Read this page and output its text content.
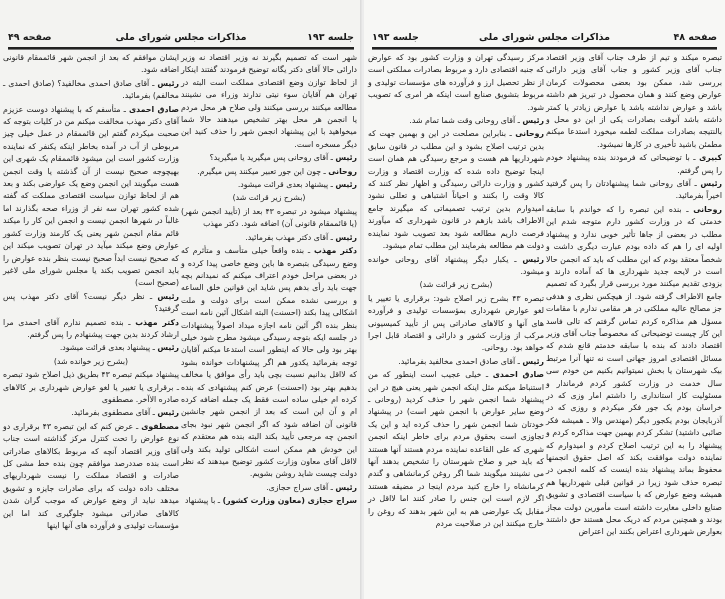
جلسه ۱۹۳
مذاکرات مجلس شورای ملی
صفحه ۴۹

شهر است که تصمیم بگیرند نه وزیر اقتصاد نه وزیر دارائی حالا آقای دکتر یگانه توضیح فرمودند گفتند اینکار از لحاظ توازن وضع اقتصادی مملکت است البته در تهران هم آقایان سوء نیتی ندارند وزراء می نشینند مطالعه میکنند بررسی میکنند ولی صلاح هر محل مردم یا انجمن هر محل بهتر تشخیص میدهند حالا شما میخواهید با این پیشنهاد انجمن شهر را حذف کنید این دیگر مسخره است.

رئیس ـ آقای روحانی پس میگیرید یا میگیرید؟

روحانی ـ چون این جور تعبیر میکنند پس میگیرم.

رئیس ـ پیشنهاد بعدی قرائت میشود.

(بشرح زیر قرائت شد)

پیشنهاد میشود در تبصره ۴۳ بعد از (تأیید انجمن شهر) (یا قائممقام قانونی آن) اضافه شود. دکتر مهذب

رئیس ـ آقای دکتر مهذب بفرمائید.

دکتر مهذب ـ بنده واقعاً خیلی متأسف و متأثرم که وضع رسیدگی بتبصره ها باین وضع خاصی پیدا کرده و در بعضی مراحل خودم اعتراف میکنم که نمیدانم بچه جهت باید رأی بدهم پس شاید این قوانین خلق الساعه و بررسی نشده ممکن است برای دولت و ملت اشکالی پیدا بکند (احسنت) البته اشکال آئین نامه است بنظر بنده اگر آئین نامه اجازه میداد اصولاً پیشنهادات در جلسه ایکه بتوجه رسیدگی میشود مطرح شود خیلی بهتر بود ولی حالا که اینطور است استدعا میکنم آقایان توجه بفرمائید یکدور هم اگر پیشنهادات خوانده بشود که لااقل بدانیم نسبت بچی باید رأی موافق یا مخالف بدهیم بهتر بود (احسنت) عرض کنم پیشنهادی که بنده کرده ام خیلی ساده است فقط یک جمله اضافه کرده ام و آن این است که بعد از انجمن شهر جانشین قانونی آن اضافه شود که اگر انجمن شهر نبود بجای انجمن چه مرجعی تأیید بکند البته بنده هم معتقدم که این خودش هم ممکن است اشکالی تولید بکند ولی لااقل آقای معاون وزارت کشور توضیح میدهند که نظر دولت چیست شاید روشن بشویم.

رئیس ـ آقای سراج حجازی.

سراج حجازی (معاون وزارت کشور) ـ با پیشنهاد

ایشان موافقم که بعد از انجمن شهر قائممقام قانونی اضافه شود.

رئیس ـ آقای صادق احمدی مخالفید؟ (صادق احمدی ـ مخالفم) بفرمائید.

صادق احمدی ـ متأسفم که با پیشنهاد دوست عزیزم آقای دکتر مهذب مخالفت میکنم من در کلیات بتوجه که صحبت میکردم گفتم این قائممقام در عمل خیلی چیز مربوطی از آب در آمده بخاطر اینکه یکنفر که نماینده وزارت کشور است این میشود قائممقام یک شهری این بهیچوجه صحیح نیست از آن گذشته یا وقت انجمن هست میگویند این انجمن وضع یک عوارضی بکند و بعد هم از لحاظ توازن سیاست اقتصادی مملکت که گفته شده کشور تهران سه نفر از وزراء صحه بگذارند اما غالباً در شهرها انجمن نیست و انجمن این کار را میکند قائم مقام انجمن شهر یعنی یک کارمند وزارت کشور عوارض وضع میکند میآید در تهران تصویب میکند این که صحیح نیست ابداً صحیح نیست بنظر بنده عوارض را باید انجمن تصویب بکند یا مجلس شورای ملی لاغیر (صحیح است)

رئیس ـ نظر دیگر نیست؟ آقای دکتر مهذب پس گرفتید؟

دکتر مهذب ـ بنده تصمیم ندارم آقای احمدی مرا ارشاد کردند بدین جهت پیشنهادم را پس گرفتم.

رئیس ـ پیشنهاد بعدی قرائت میشود.

(بشرح زیر خوانده شد)

پیشنهاد میکنم تبصره ۴۳ بطریق ذیل اصلاح شود تبصره ـ برقراری یا تغییر یا لغو عوارض شهرداری بر کالاهای صادره الاآخر. مصطفوی

رئیس ـ آقای مصطفوی بفرمائید.

مصطفوی ـ عرض کنم که این تبصره ۴۳ برقراری دو نوع عوارض را تحت کنترل مرکز گذاشته است جناب آقای وزیر اقتصاد آنچه که مربوط بکالاهای صادراتی است بنده صددرصد موافقم چون بنده خط مشی کل صادرات و اقتصاد مملکت را نیست شهرداریهای مختلف داده دولت که برای صادرات جایزه و تشویق میدهد نباید از وضع عوارض که موجب گران شدن کالاهای صادراتی میشود جلوگیری کند اما این مؤسسات تولیدی و فرآورده های آنها اینها

صفحه ۴۸
مذاکرات مجلس شورای ملی
جلسه ۱۹۳

تبصره میکند و تیم از طرف جناب آقای وزیر اقتصاد جناب آقای وزیر کشور و جناب آقای وزیر دارائی بررسی شد، ممکن بود بعضی محصولات کرمان عوارض وضع کنند و همان محصول در تبریز هم داشته باشد و عوارض نداشته باشد یا عوارض زیادتر یا کمتر داشته باشد آنوقت بصادرات یکی از این دو محل و بالنتیجه بصادرات مملکت لطمه میخورد استدعا میکنم مطمئن باشید تأخیری در کارها نمیشود.

کبیری ـ با توضیحاتی که فرمودند بنده پیشنهاد خودم را پس گرفتم.

رئیس ـ آقای روحانی شما پیشنهادتان را پس گرفتید اخیراً بفرمائید.

روحانی ـ بنده این تبصره را که خواندم با سابقه خدمتی که در وزارت کشور دارم متوجه شدم این مطلب در بعضی از جاها تأثیر خوبی ندارد و پیشنهاد اولیه ای را هم که داده بودم عبارت دیگری داشت و شخصاً معتقد بودم که این مطلب که باید که انجمن حالا است در لایحه جدید شهرداری ها که آماده دارند و بزودی تقدیم میکنند مورد بررسی قرار بگیرد که تصمیم جامع الاطراف گرفته شود. از هیچکس نظری و هدفی جز مصالح عالیه مملکتی در هر مقامی ندارم با مقامات مسؤل هم مذاکره کردم تماس گرفتم که تالی فاسد این کار چیست توضیحاتی که مخصوصاً جناب آقای وزیر اقتصاد دادند که بنده با سابقه خدمتم قانع شدم که مسائل اقتصادی امروز جهانی است نه تنها آنرا مرتبط بیک شهرستان یا بخش نمیتوانیم بکنیم من خودم سی سال خدمت در وزارت کشور کردم فرماندار و مسئولیت کار استانداری را داشتم امار وزی که در خراسان بودم یک جور فکر میکردم و روزی که در آذربایجان بودم یکجور دیگر (مهندس والا ـ همیشه فکر صائبی داشتید) تشکر کردم بهمین جهت مذاکره کردم و پیشنهاد را به این ترتیب اصلاح کردم و امیدوارم که نماینده دولت موافقت بکند که اصل حقوق انجمنها محفوظ بماند پیشنهاد بنده اینست که کلمه انجمن در تبصره حذف شود زیرا در قوانین قبلی شهرداریها هم همیشه وضع عوارض که با سیاست اقتصادی و تشویق صنایع داخلی مغایرت داشته است مأمورین دولت مجاز بودند و همچنین مردم که دریک محل هستند حق داشتند بعوارض شهرداری اعتراض بکنند این اعتراض

مرکز رسیدگی تهران و وزارت کشور بود که عوارض که جنبه اقتصادی دارد و مربوط بصادرات مملکتی است از نظر تحصیل ارز و فرآورده های مؤسسات تولیدی و مربوط بتشویق صنایع است اینکه هر امری که تصویب شود.

رئیس ـ آقای روحانی وقت شما تمام شد.

روحانی ـ بنابراین مصلحت در این و بهمین جهت که بدین ترتیب اصلاح بشود و این مطلب در قانون سابق شهرداریها هم هست و مرجع رسیدگی هم همان است اینجا توضیح داده شده که وزارت اقتصاد و وزارت کشور و وزارت دارائی رسیدگی و اظهار نظر کنند که کالا وقت را بکنند و احیاناً اشتباهی و تعللی نشود امیدوارم بدین ترتیب تصمیماتی که میگیرند جامع الاطراف باشد بازهم در قانون شهرداری که میآورند فرصت داریم مطالعه شود بعد تصویب شود نماینده دولت هم مطالعه بفرمایند این مطلب تمام میشود.

رئیس ـ یکبار دیگر پیشنهاد آقای روحانی خوانده میشود.

(بشرح زیر قرائت شد)

تبصره ۴۳ بشرح زیر اصلاح شود: برقراری یا تغییر یا لغو عوارض شهرداری بمؤسسات تولیدی و فرآورده های آنها و کالاهای صادراتی پس از تأیید کمیسیونی مرکب از وزارت کشور و دارائی و اقتصاد قابل اجرا خواهد بود. روحانی.

رئیس ـ آقای صادق احمدی مخالفید بفرمائید.

صادق احمدی ـ خیلی عجیب است اینطور که من استنباط میکنم مثل اینکه انجمن شهر یعنی هیچ در این پیشنهاد شما انجمن شهر را حذف کردید (روحانی ـ وضع سایر عوارض با انجمن شهر است) در پیشنهاد خودتان شما انجمن شهر را حذف کرده اید و این یک تجاوزی است بحقوق مردم برای خاطر اینکه انجمن شهری که علی القاعده نماینده مردم هستند آنها هستند که باید خیر و صلاح شهرستان را تشخیص بدهند آنها می نشینند میگویند شما اگر روغن کرمانشاهی و گندم کرمانشاه را خارج کنید مردم اینجا در مضیقه هستند اگر لازم است این جنس را صادر کنند اما لااقل در مقابل یک عوارضی هم به این شهر بدهند که روغن را خارج میکنند این در صلاحیت مردم
